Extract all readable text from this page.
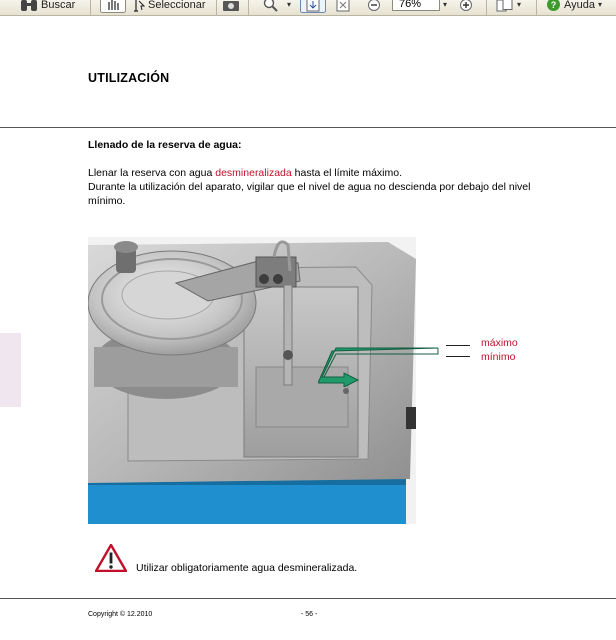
Buscar	Seleccionar	▾	76%	▾	▾	? Ayuda ▾
UTILIZACIÓN
Llenado de la reserva de agua:

Llenar la reserva con agua desmineralizada hasta el límite máximo.

Durante la utilización del aparato, vigilar que el nivel de agua no descienda por debajo del nivel mínimo.

máximo
mínimo
Utilizar obligatoriamente agua desmineralizada.
Copyright © 12.2010	- 56 -
